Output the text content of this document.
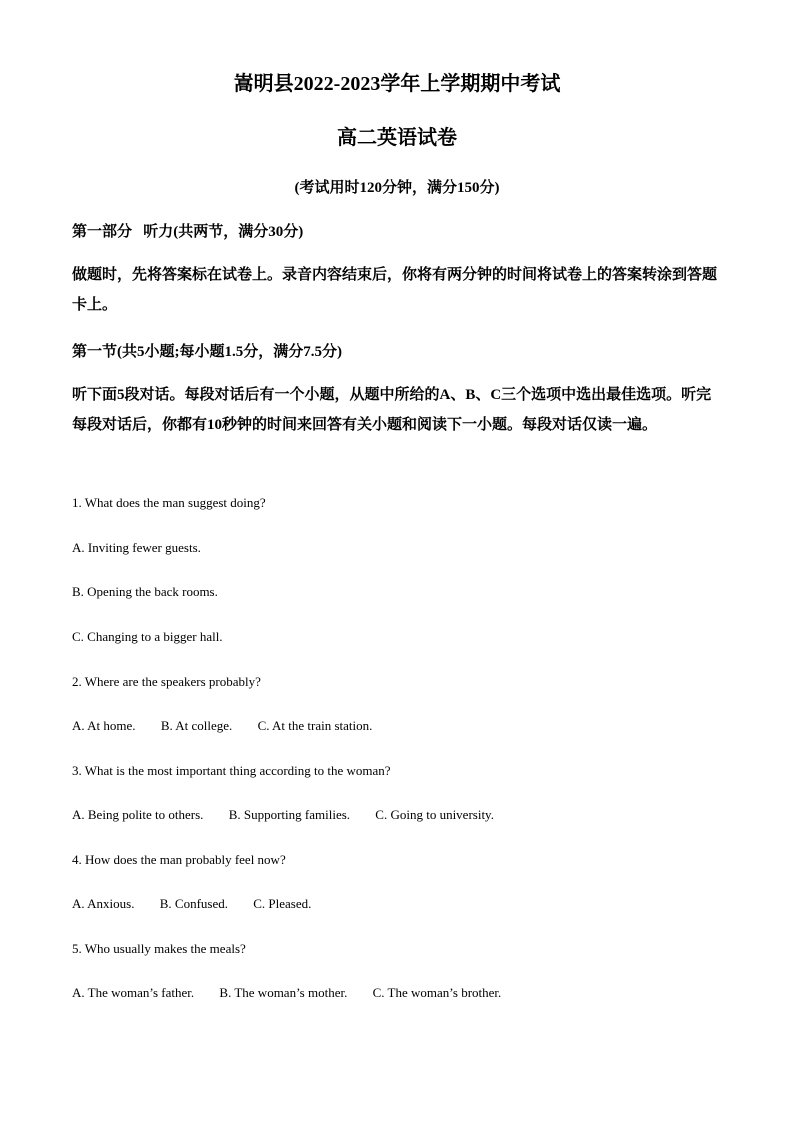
嵩明县2022-2023学年上学期期中考试
高二英语试卷
(考试用时120分钟，满分150分)
第一部分   听力(共两节，满分30分)
做题时，先将答案标在试卷上。录音内容结束后，你将有两分钟的时间将试卷上的答案转涂到答题卡上。
第一节(共5小题;每小题1.5分，满分7.5分)
听下面5段对话。每段对话后有一个小题，从题中所给的A、B、C三个选项中选出最佳选项。听完每段对话后，你都有10秒钟的时间来回答有关小题和阅读下一小题。每段对话仅读一遍。
1. What does the man suggest doing?
A. Inviting fewer guests.
B. Opening the back rooms.
C. Changing to a bigger hall.
2. Where are the speakers probably?
A. At home. B. At college. C. At the train station.
3. What is the most important thing according to the woman?
A. Being polite to others. B. Supporting families. C. Going to university.
4. How does the man probably feel now?
A. Anxious. B. Confused. C. Pleased.
5. Who usually makes the meals?
A. The woman’s father. B. The woman’s mother. C. The woman’s brother.
